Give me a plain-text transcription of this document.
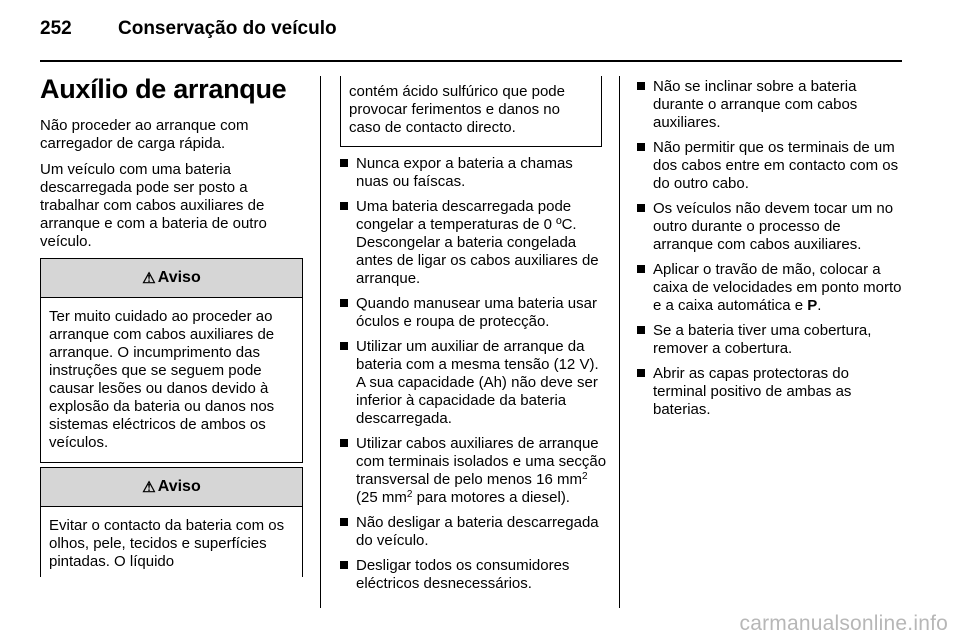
252 Conservação do veículo
Auxílio de arranque

Não proceder ao arranque com carregador de carga rápida.

Um veículo com uma bateria descarregada pode ser posto a trabalhar com cabos auxiliares de arranque e com a bateria de outro veículo.

⚠ Aviso
Ter muito cuidado ao proceder ao arranque com cabos auxiliares de arranque. O incumprimento das instruções que se seguem pode causar lesões ou danos devido à explosão da bateria ou danos nos sistemas eléctricos de ambos os veículos.
⚠ Aviso
Evitar o contacto da bateria com os olhos, pele, tecidos e superfícies pintadas. O líquido
contém ácido sulfúrico que pode provocar ferimentos e danos no caso de contacto directo.
Nunca expor a bateria a chamas nuas ou faíscas.
Uma bateria descarregada pode congelar a temperaturas de 0 ºC. Descongelar a bateria congelada antes de ligar os cabos auxiliares de arranque.
Quando manusear uma bateria usar óculos e roupa de protecção.
Utilizar um auxiliar de arranque da bateria com a mesma tensão (12 V). A sua capacidade (Ah) não deve ser inferior à capacidade da bateria descarregada.
Utilizar cabos auxiliares de arranque com terminais isolados e uma secção transversal de pelo menos 16 $mm^2$ (25 $mm^2$ para motores a diesel).
Não desligar a bateria descarregada do veículo.
Desligar todos os consumidores eléctricos desnecessários.
Não se inclinar sobre a bateria durante o arranque com cabos auxiliares.
Não permitir que os terminais de um dos cabos entre em contacto com os do outro cabo.
Os veículos não devem tocar um no outro durante o processo de arranque com cabos auxiliares.
Aplicar o travão de mão, colocar a caixa de velocidades em ponto morto e a caixa automática e P.
Se a bateria tiver uma cobertura, remover a cobertura.
Abrir as capas protectoras do terminal positivo de ambas as baterias.
carmanualsonline.info
